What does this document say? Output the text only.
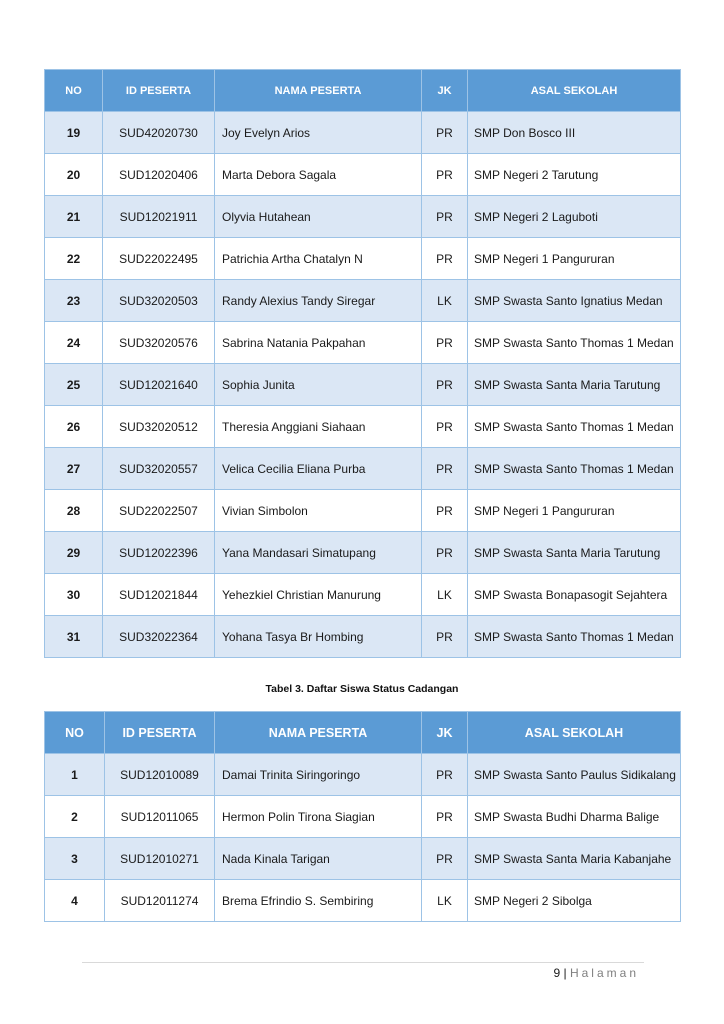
NO	ID PESERTA	NAMA PESERTA	JK	ASAL SEKOLAH
19	SUD42020730	Joy Evelyn Arios	PR	SMP Don Bosco III
20	SUD12020406	Marta Debora Sagala	PR	SMP Negeri 2 Tarutung
21	SUD12021911	Olyvia Hutahean	PR	SMP Negeri 2 Laguboti
22	SUD22022495	Patrichia Artha Chatalyn N	PR	SMP Negeri 1 Pangururan
23	SUD32020503	Randy Alexius Tandy Siregar	LK	SMP Swasta Santo Ignatius Medan
24	SUD32020576	Sabrina Natania Pakpahan	PR	SMP Swasta Santo Thomas 1 Medan
25	SUD12021640	Sophia Junita	PR	SMP Swasta Santa Maria Tarutung
26	SUD32020512	Theresia Anggiani Siahaan	PR	SMP Swasta Santo Thomas 1 Medan
27	SUD32020557	Velica Cecilia Eliana Purba	PR	SMP Swasta Santo Thomas 1 Medan
28	SUD22022507	Vivian Simbolon	PR	SMP Negeri 1 Pangururan
29	SUD12022396	Yana Mandasari Simatupang	PR	SMP Swasta Santa Maria Tarutung
30	SUD12021844	Yehezkiel Christian Manurung	LK	SMP Swasta Bonapasogit Sejahtera
31	SUD32022364	Yohana Tasya Br Hombing	PR	SMP Swasta Santo Thomas 1 Medan
Tabel 3. Daftar Siswa Status Cadangan
NO	ID PESERTA	NAMA PESERTA	JK	ASAL SEKOLAH
1	SUD12010089	Damai Trinita Siringoringo	PR	SMP Swasta Santo Paulus Sidikalang
2	SUD12011065	Hermon Polin Tirona Siagian	PR	SMP Swasta Budhi Dharma Balige
3	SUD12010271	Nada Kinala Tarigan	PR	SMP Swasta Santa Maria Kabanjahe
4	SUD12011274	Brema Efrindio S. Sembiring	LK	SMP Negeri 2 Sibolga
9 | Halaman
